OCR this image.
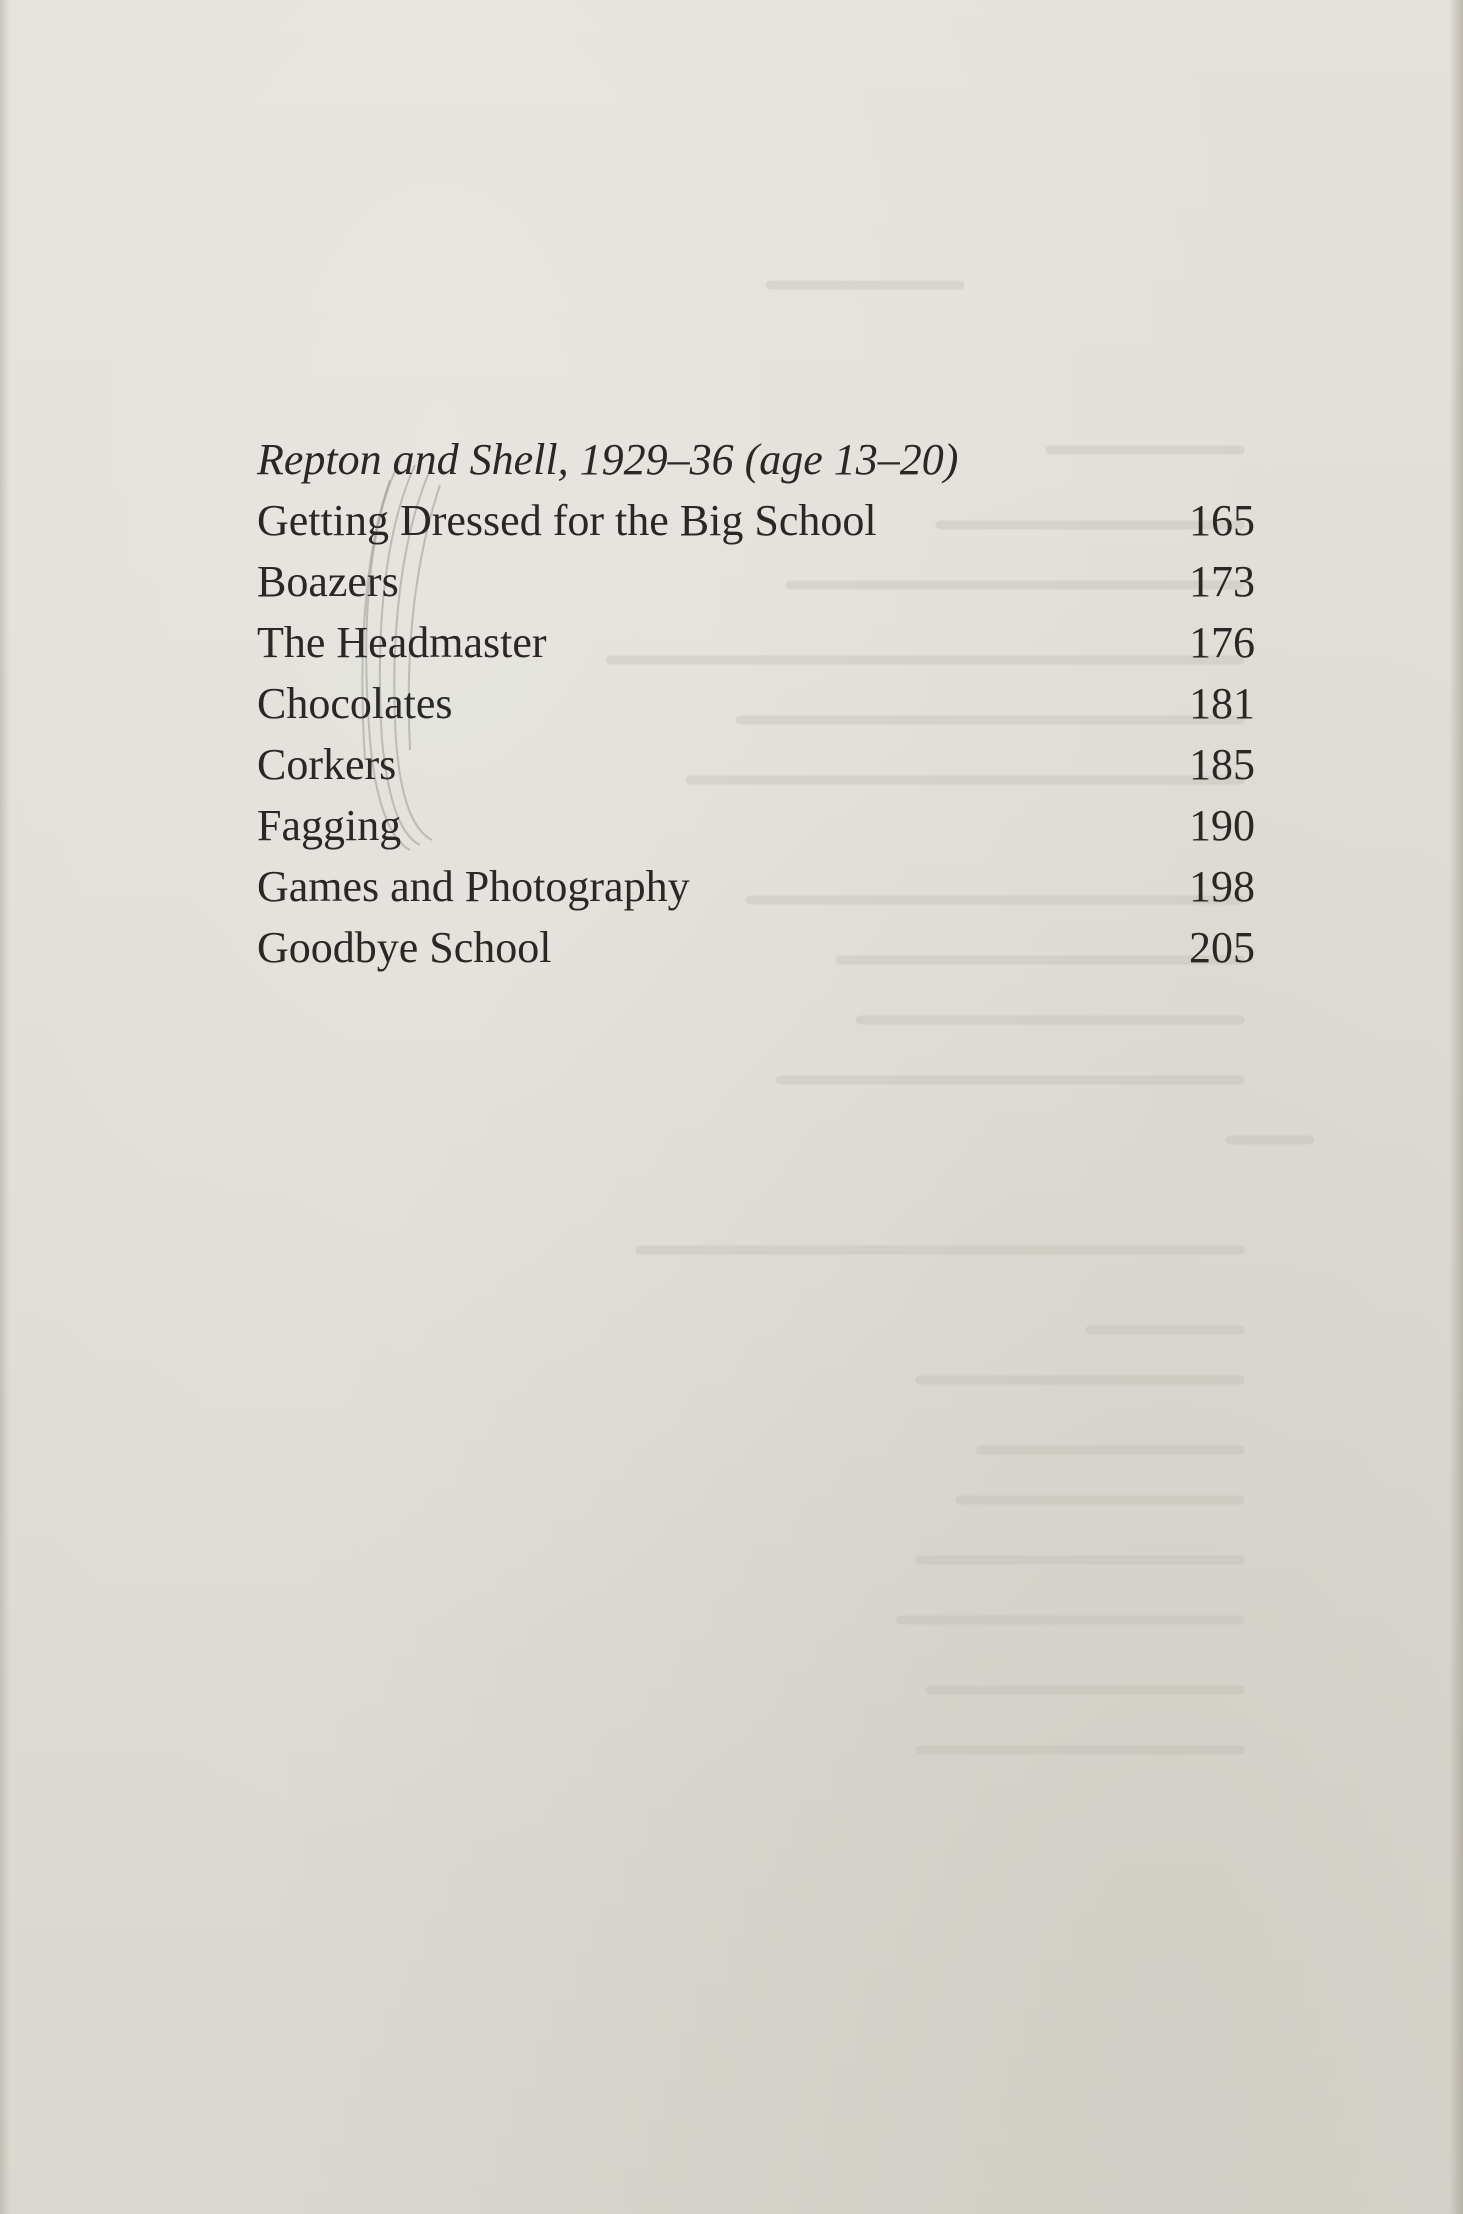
Repton and Shell, 1929–36 (age 13–20)
Getting Dressed for the Big School	165
Boazers	173
The Headmaster	176
Chocolates	181
Corkers	185
Fagging	190
Games and Photography	198
Goodbye School	205
